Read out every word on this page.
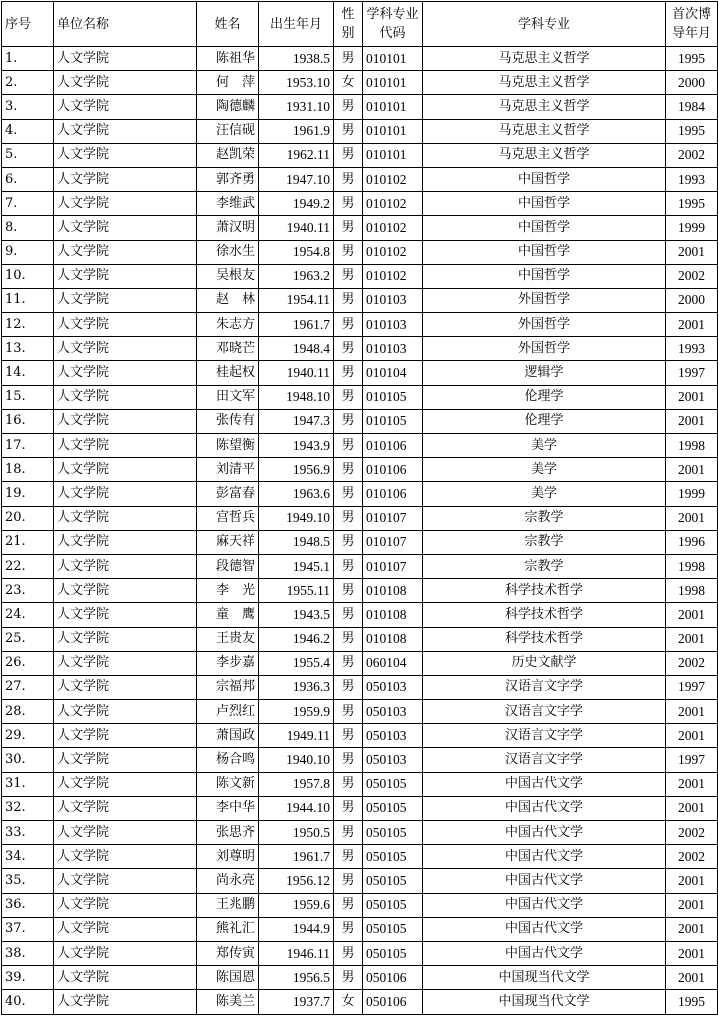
序号	单位名称	姓名	出生年月	性别	学科专业代码	学科专业	首次博导年月
1.	人文学院	陈祖华	1938.5	男	010101	马克思主义哲学	1995
2.	人文学院	何　萍	1953.10	女	010101	马克思主义哲学	2000
3.	人文学院	陶德麟	1931.10	男	010101	马克思主义哲学	1984
4.	人文学院	汪信砚	1961.9	男	010101	马克思主义哲学	1995
5.	人文学院	赵凯荣	1962.11	男	010101	马克思主义哲学	2002
6.	人文学院	郭齐勇	1947.10	男	010102	中国哲学	1993
7.	人文学院	李维武	1949.2	男	010102	中国哲学	1995
8.	人文学院	萧汉明	1940.11	男	010102	中国哲学	1999
9.	人文学院	徐水生	1954.8	男	010102	中国哲学	2001
10.	人文学院	吴根友	1963.2	男	010102	中国哲学	2002
11.	人文学院	赵　林	1954.11	男	010103	外国哲学	2000
12.	人文学院	朱志方	1961.7	男	010103	外国哲学	2001
13.	人文学院	邓晓芒	1948.4	男	010103	外国哲学	1993
14.	人文学院	桂起权	1940.11	男	010104	逻辑学	1997
15.	人文学院	田文军	1948.10	男	010105	伦理学	2001
16.	人文学院	张传有	1947.3	男	010105	伦理学	2001
17.	人文学院	陈望衡	1943.9	男	010106	美学	1998
18.	人文学院	刘清平	1956.9	男	010106	美学	2001
19.	人文学院	彭富春	1963.6	男	010106	美学	1999
20.	人文学院	宫哲兵	1949.10	男	010107	宗教学	2001
21.	人文学院	麻天祥	1948.5	男	010107	宗教学	1996
22.	人文学院	段德智	1945.1	男	010107	宗教学	1998
23.	人文学院	李　光	1955.11	男	010108	科学技术哲学	1998
24.	人文学院	童　鹰	1943.5	男	010108	科学技术哲学	2001
25.	人文学院	王贵友	1946.2	男	010108	科学技术哲学	2001
26.	人文学院	李步嘉	1955.4	男	060104	历史文献学	2002
27.	人文学院	宗福邦	1936.3	男	050103	汉语言文字学	1997
28.	人文学院	卢烈红	1959.9	男	050103	汉语言文字学	2001
29.	人文学院	萧国政	1949.11	男	050103	汉语言文字学	2001
30.	人文学院	杨合鸣	1940.10	男	050103	汉语言文字学	1997
31.	人文学院	陈文新	1957.8	男	050105	中国古代文学	2001
32.	人文学院	李中华	1944.10	男	050105	中国古代文学	2001
33.	人文学院	张思齐	1950.5	男	050105	中国古代文学	2002
34.	人文学院	刘尊明	1961.7	男	050105	中国古代文学	2002
35.	人文学院	尚永亮	1956.12	男	050105	中国古代文学	2001
36.	人文学院	王兆鹏	1959.6	男	050105	中国古代文学	2001
37.	人文学院	熊礼汇	1944.9	男	050105	中国古代文学	2001
38.	人文学院	郑传寅	1946.11	男	050105	中国古代文学	2001
39.	人文学院	陈国恩	1956.5	男	050106	中国现当代文学	2001
40.	人文学院	陈美兰	1937.7	女	050106	中国现当代文学	1995
